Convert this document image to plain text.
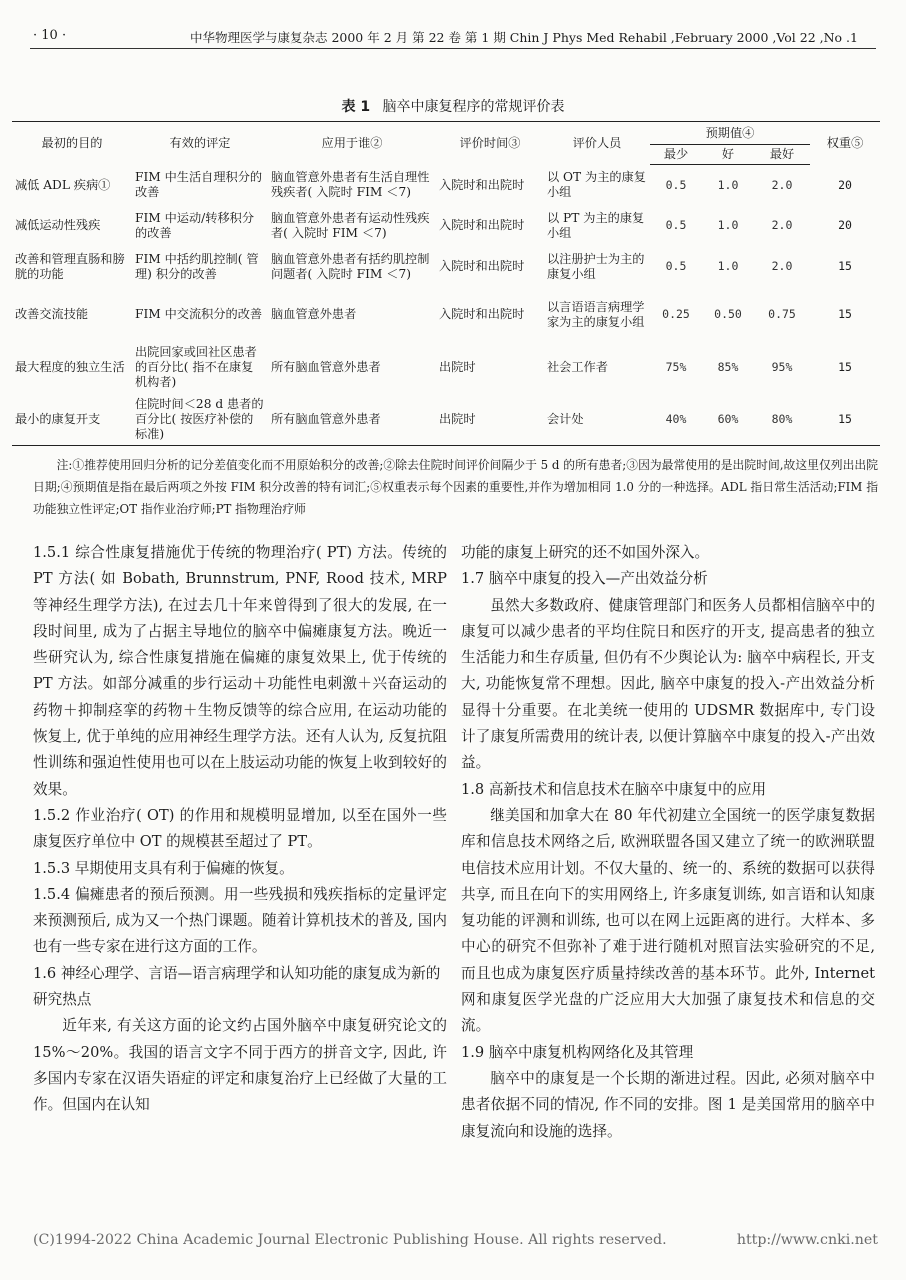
· 10 ·	中华物理医学与康复杂志 2000 年 2 月 第 22 卷 第 1 期 Chin J Phys Med Rehabil ,February 2000 ,Vol 22 ,No .1
表 1 脑卒中康复程序的常规评价表
最初的目的	有效的评定	应用于谁②	评价时间③	评价人员	预期值④			权重⑤
					最少	好	最好	
减低 ADL 疾病①	FIM 中生活自理积分的改善	脑血管意外患者有生活自理性残疾者( 入院时 FIM ＜7)	入院时和出院时	以 OT 为主的康复小组	0.5	1.0	2.0	20
减低运动性残疾	FIM 中运动/转移积分的改善	脑血管意外患者有运动性残疾者( 入院时 FIM ＜7)	入院时和出院时	以 PT 为主的康复小组	0.5	1.0	2.0	20
改善和管理直肠和膀胱的功能	FIM 中括约肌控制( 管理) 积分的改善	脑血管意外患者有括约肌控制问题者( 入院时 FIM ＜7)	入院时和出院时	以注册护士为主的康复小组	0.5	1.0	2.0	15
改善交流技能	FIM 中交流积分的改善	脑血管意外患者	入院时和出院时	以言语语言病理学家为主的康复小组	0.25	0.50	0.75	15
最大程度的独立生活	出院回家或回社区患者的百分比( 指不在康复机构者)	所有脑血管意外患者	出院时	社会工作者	75%	85%	95%	15
最小的康复开支	住院时间＜28 d 患者的百分比( 按医疗补偿的标准)	所有脑血管意外患者	出院时	会计处	40%	60%	80%	15

注:①推荐使用回归分析的记分差值变化而不用原始积分的改善;②除去住院时间评价间隔少于 5 d 的所有患者;③因为最常使用的是出院时间,故这里仅列出出院日期;④预期值是指在最后两项之外按 FIM 积分改善的特有词汇;⑤权重表示每个因素的重要性,并作为增加相同 1.0 分的一种选择。ADL 指日常生活活动;FIM 指功能独立性评定;OT 指作业治疗师;PT 指物理治疗师

1.5.1 综合性康复措施优于传统的物理治疗( PT) 方法。传统的 PT 方法( 如 Bobath, Brunnstrum, PNF, Rood 技术, MRP 等神经生理学方法), 在过去几十年来曾得到了很大的发展, 在一段时间里, 成为了占据主导地位的脑卒中偏瘫康复方法。晚近一些研究认为, 综合性康复措施在偏瘫的康复效果上, 优于传统的 PT 方法。如部分减重的步行运动＋功能性电刺激＋兴奋运动的药物＋抑制痉挛的药物＋生物反馈等的综合应用, 在运动功能的恢复上, 优于单纯的应用神经生理学方法。还有人认为, 反复抗阻性训练和强迫性使用也可以在上肢运动功能的恢复上收到较好的效果。

1.5.2 作业治疗( OT) 的作用和规模明显增加, 以至在国外一些康复医疗单位中 OT 的规模甚至超过了 PT。

1.5.3 早期使用支具有利于偏瘫的恢复。

1.5.4 偏瘫患者的预后预测。用一些残损和残疾指标的定量评定来预测预后, 成为又一个热门课题。随着计算机技术的普及, 国内也有一些专家在进行这方面的工作。

1.6 神经心理学、言语—语言病理学和认知功能的康复成为新的研究热点

近年来, 有关这方面的论文约占国外脑卒中康复研究论文的 15%～20%。我国的语言文字不同于西方的拼音文字, 因此, 许多国内专家在汉语失语症的评定和康复治疗上已经做了大量的工作。但国内在认知

功能的康复上研究的还不如国外深入。

1.7 脑卒中康复的投入—产出效益分析

虽然大多数政府、健康管理部门和医务人员都相信脑卒中的康复可以减少患者的平均住院日和医疗的开支, 提高患者的独立生活能力和生存质量, 但仍有不少舆论认为: 脑卒中病程长, 开支大, 功能恢复常不理想。因此, 脑卒中康复的投入-产出效益分析显得十分重要。在北美统一使用的 UDSMR 数据库中, 专门设计了康复所需费用的统计表, 以便计算脑卒中康复的投入-产出效益。

1.8 高新技术和信息技术在脑卒中康复中的应用

继美国和加拿大在 80 年代初建立全国统一的医学康复数据库和信息技术网络之后, 欧洲联盟各国又建立了统一的欧洲联盟电信技术应用计划。不仅大量的、统一的、系统的数据可以获得共享, 而且在向下的实用网络上, 许多康复训练, 如言语和认知康复功能的评测和训练, 也可以在网上远距离的进行。大样本、多中心的研究不但弥补了难于进行随机对照盲法实验研究的不足, 而且也成为康复医疗质量持续改善的基本环节。此外, Internet 网和康复医学光盘的广泛应用大大加强了康复技术和信息的交流。

1.9 脑卒中康复机构网络化及其管理

脑卒中的康复是一个长期的渐进过程。因此, 必须对脑卒中患者依据不同的情况, 作不同的安排。图 1 是美国常用的脑卒中康复流向和设施的选择。

(C)1994-2022 China Academic Journal Electronic Publishing House. All rights reserved.	http://www.cnki.net
